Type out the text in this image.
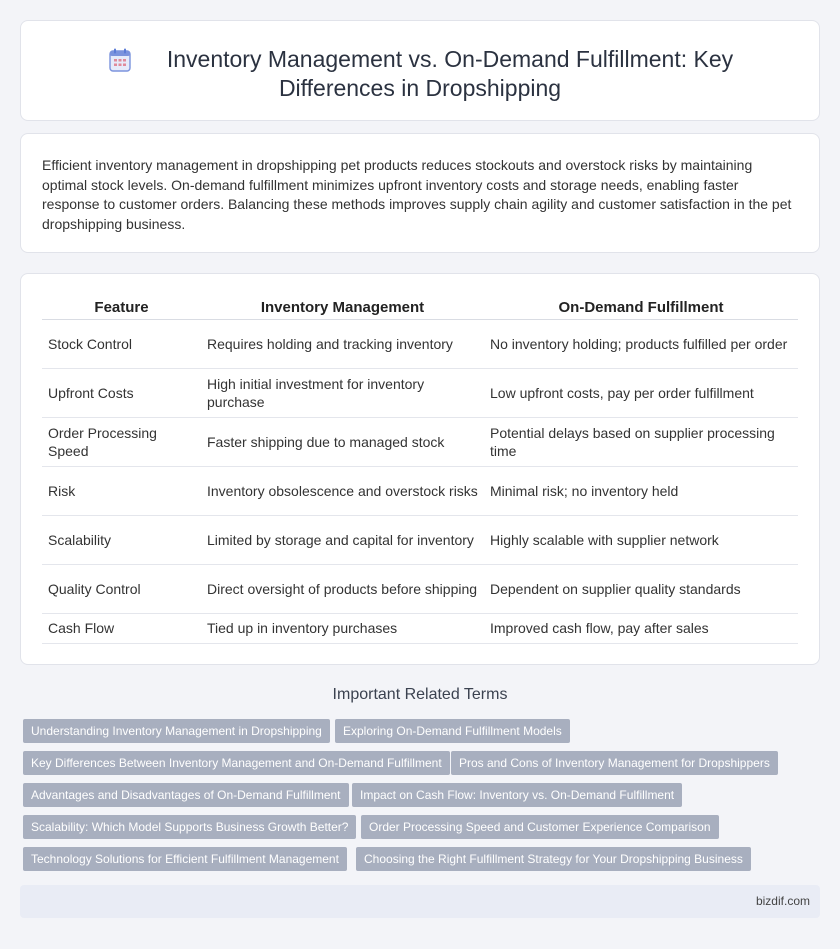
Inventory Management vs. On-Demand Fulfillment: Key
Differences in Dropshipping

Efficient inventory management in dropshipping pet products reduces stockouts and overstock risks by maintaining optimal stock levels. On-demand fulfillment minimizes upfront inventory costs and storage needs, enabling faster response to customer orders. Balancing these methods improves supply chain agility and customer satisfaction in the pet dropshipping business.

Feature	Inventory Management	On-Demand Fulfillment
Stock Control	Requires holding and tracking inventory	No inventory holding; products fulfilled per order
Upfront Costs	High initial investment for inventory purchase	Low upfront costs, pay per order fulfillment
Order Processing Speed	Faster shipping due to managed stock	Potential delays based on supplier processing time
Risk	Inventory obsolescence and overstock risks	Minimal risk; no inventory held
Scalability	Limited by storage and capital for inventory	Highly scalable with supplier network
Quality Control	Direct oversight of products before shipping	Dependent on supplier quality standards
Cash Flow	Tied up in inventory purchases	Improved cash flow, pay after sales
Important Related Terms
Understanding Inventory Management in Dropshipping	Exploring On-Demand Fulfillment Models
Key Differences Between Inventory Management and On-Demand Fulfillment	Pros and Cons of Inventory Management for Dropshippers
Advantages and Disadvantages of On-Demand Fulfillment	Impact on Cash Flow: Inventory vs. On-Demand Fulfillment
Scalability: Which Model Supports Business Growth Better?	Order Processing Speed and Customer Experience Comparison
Technology Solutions for Efficient Fulfillment Management	Choosing the Right Fulfillment Strategy for Your Dropshipping Business
bizdif.com
